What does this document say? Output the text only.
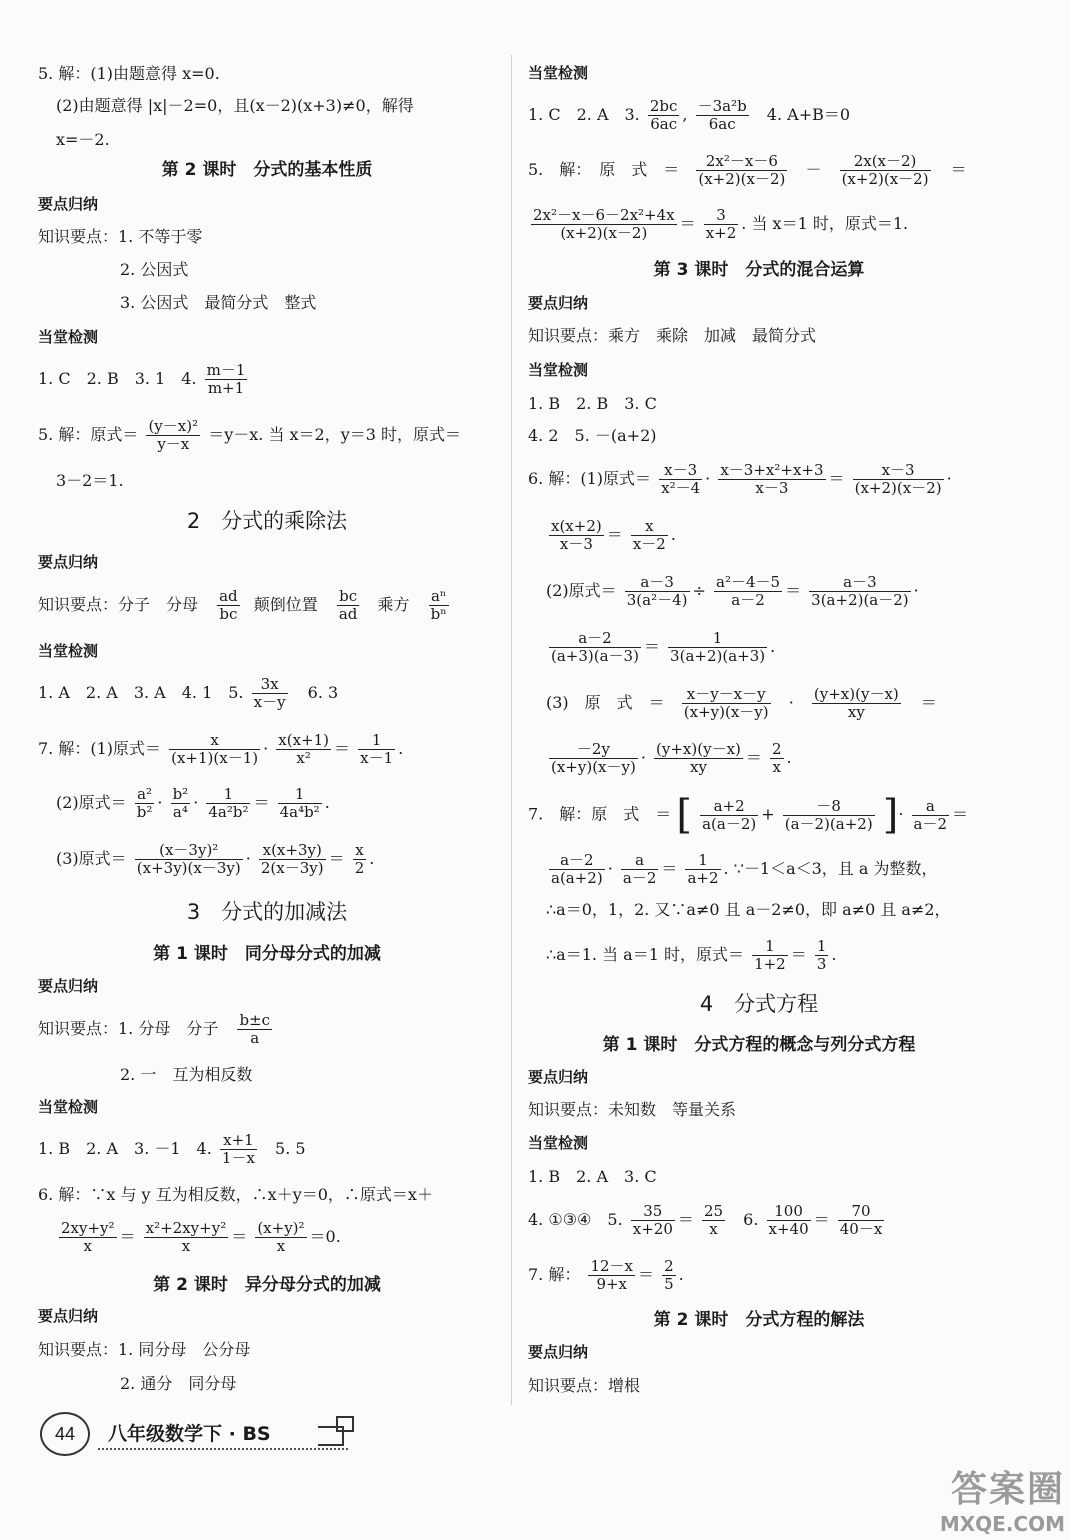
5. 解：(1)由题意得 x=0.
(2)由题意得 |x|－2=0，且(x－2)(x+3)≠0，解得
x=－2.
第 2 课时　分式的基本性质
要点归纳
知识要点：1. 不等于零
2. 公因式
3. 公因式　最简分式　整式
当堂检测
1. C　2. B　3. 1　4. $\frac{m-1}{m+1}$
5. 解：原式＝ $\frac{\text{(y－x)²}}{y-x} =y-x$. 当 x＝2，y＝3 时，原式＝
3－2＝1.
2　分式的乘除法
要点归纳
知识要点：分子　分母 $\frac{ad}{bc}$ 颠倒位置 $\frac{bc}{ad}$ 乘方 $\frac{\text{aⁿ}}{\text{bⁿ}}$
当堂检测
1. A　2. A　3. A　4. 1　5. $\frac{3x}{x-y} 6$. 3
7. 解：(1)原式＝ $\frac{x}{(x+1)(x-1)} \cdot \frac{x(x+1)}{\text{x²}} = \frac{1}{x-1}$ .
(2)原式＝ $\frac{\text{a²}}{\text{b²}} \cdot \frac{\text{b²}}{\text{a⁴}} \cdot \frac{1}{\text{4a²b²}} = \frac{1}{\text{4a⁴b²}}$ .
(3)原式＝ $\frac{\text{(x－3y)²}}{(x+3y)(x-3y)} \cdot \frac{x(x+3y)}{2(x-3y)} = \frac{x}{2}$ .
3　分式的加减法
第 1 课时　同分母分式的加减
要点归纳
知识要点：1. 分母　分子 $\frac{b\pm c}{a}$
2. 一　互为相反数
当堂检测
1. B　2. A　3. －1　4. $\frac{x+1}{1-x} 5$. 5
6. 解：∵x 与 y 互为相反数，∴x＋y＝0，∴原式＝x＋
$\frac{\text{2xy+y²}}{x} = \frac{\text{x²+2xy+y²}}{x} = \frac{\text{(x+y)²}}{x} =0$.
第 2 课时　异分母分式的加减
要点归纳
知识要点：1. 同分母　公分母
2. 通分　同分母
当堂检测
1. C　2. A　3. $\frac{2bc}{6ac}$ , $\frac{\text{－3a²b}}{6ac} 4$. A+B＝0
5.　解：　原　式　＝ $\frac{\text{2x²－x－6}}{(x+2)(x-2)} - \frac{2x(x-2)}{(x+2)(x-2)}$ ＝
$\frac{\text{2x²－x－6－2x²+4x}}{(x+2)(x-2)} = \frac{3}{x+2}$ . 当 x＝1 时，原式＝1.
第 3 课时　分式的混合运算
要点归纳
知识要点：乘方　乘除　加减　最简分式
当堂检测
1. B　2. B　3. C
4. 2　5. －(a+2)
6. 解：(1)原式＝ $\frac{x-3}{\text{x²－4}} \cdot \frac{\text{x－3+x²+x+3}}{x-3} = \frac{x-3}{(x+2)(x-2)}$ ·
$\frac{x(x+2)}{x-3} = \frac{x}{x-2}$ .
(2)原式＝ $\frac{a-3}{\text{3(a²－4)}} \div \frac{\text{a²－4－5}}{a-2} = \frac{a-3}{3(a+2)(a-2)}$ ·
$\frac{a-2}{(a+3)(a-3)} = \frac{1}{3(a+2)(a+3)}$ .
(3)　原　式　＝ $\frac{x-y-x-y}{(x+y)(x-y)} \cdot \frac{(y+x)(y-x)}{xy}$ ＝
$\frac{-2y}{(x+y)(x-y)} \cdot \frac{(y+x)(y-x)}{xy} = \frac{2}{x}$ .
7.　解：原　式　＝ [ $\frac{a+2}{a(a-2)} + \frac{-8}{(a-2)(a+2)}$ ]· $\frac{a}{a-2}$ ＝
$\frac{a-2}{a(a+2)} \cdot \frac{a}{a-2} = \frac{1}{a+2}$ . ∵－1＜a＜3，且 a 为整数，
∴a＝0，1，2. 又∵a≠0 且 a－2≠0，即 a≠0 且 a≠2，
∴a＝1. 当 a＝1 时，原式＝ $\frac{1}{1+2} = \frac{1}{3}$ .
4　分式方程
第 1 课时　分式方程的概念与列分式方程
要点归纳
知识要点：未知数　等量关系
当堂检测
1. B　2. A　3. C
4. ①③④　5. $\frac{35}{x+20} = \frac{25}{x} 6$. $\frac{100}{x+40} = \frac{70}{40-x}$
7. 解： $\frac{12-x}{9+x} = \frac{2}{5}$ .
第 2 课时　分式方程的解法
要点归纳
知识要点：增根
44	八年级数学下 · BS
答案圈
MXQE.COM
